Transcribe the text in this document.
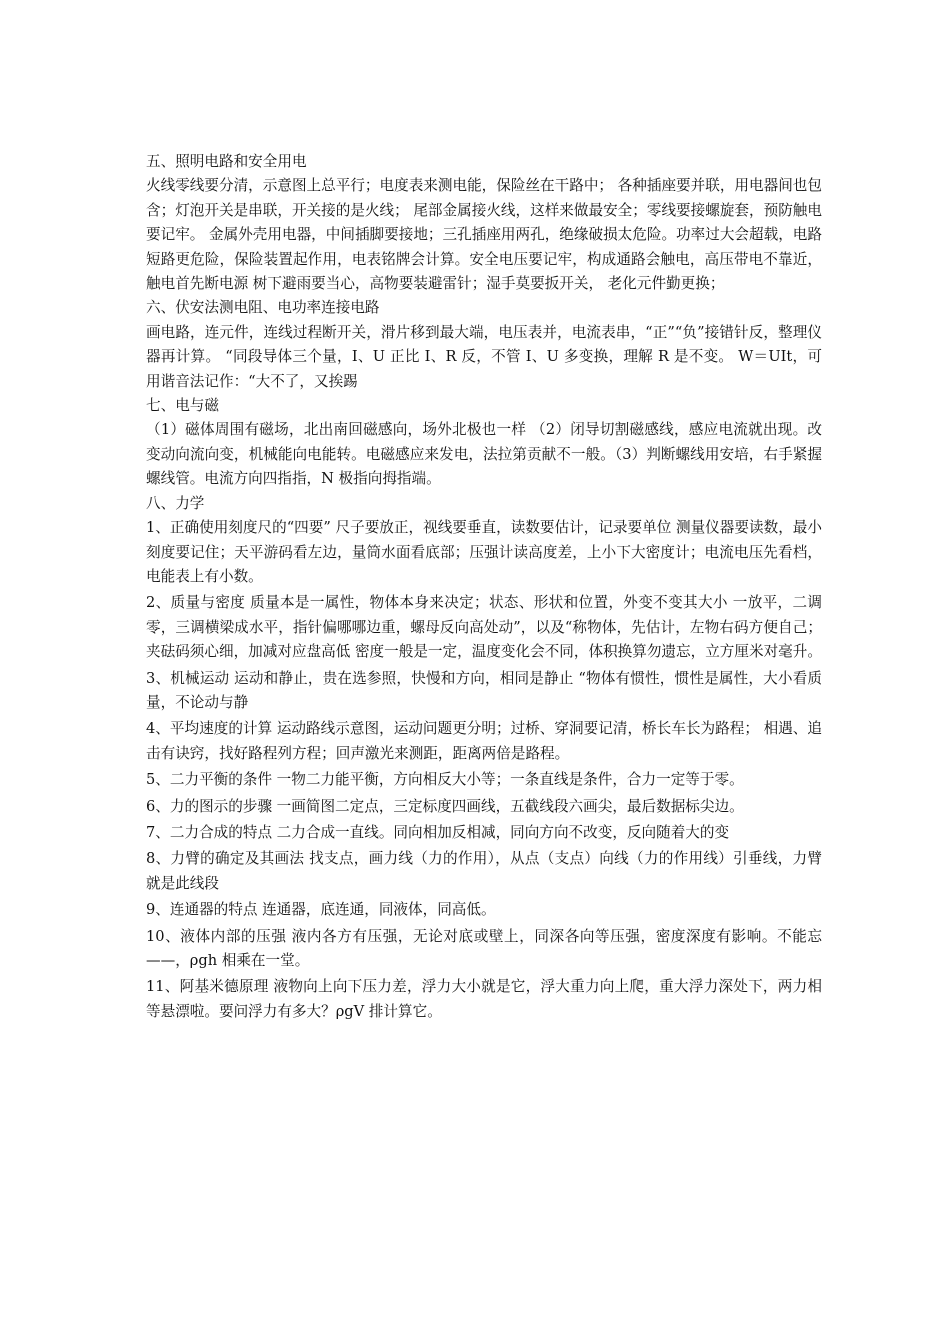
五、照明电路和安全用电

火线零线要分清，示意图上总平行；电度表来测电能，保险丝在干路中； 各种插座要并联，用电器间也包含；灯泡开关是串联，开关接的是火线； 尾部金属接火线，这样来做最安全；零线要接螺旋套，预防触电要记牢。 金属外壳用电器，中间插脚要接地；三孔插座用两孔，绝缘破损太危险。功率过大会超载，电路短路更危险，保险装置起作用，电表铭牌会计算。安全电压要记牢，构成通路会触电，高压带电不靠近，触电首先断电源 树下避雨要当心，高物要装避雷针；湿手莫要扳开关， 老化元件勤更换；

六、伏安法测电阻、电功率连接电路

画电路，连元件，连线过程断开关，滑片移到最大端，电压表并，电流表串，“正”“负”接错针反，整理仪器再计算。 “同段导体三个量，I、U 正比 I、R 反，不管 I、U 多变换，理解 R 是不变。 W＝UIt，可用谐音法记作：“大不了，又挨踢

七、电与磁

（1）磁体周围有磁场，北出南回磁感向，场外北极也一样 （2）闭导切割磁感线，感应电流就出现。改变动向流向变，机械能向电能转。电磁感应来发电，法拉第贡献不一般。（3）判断螺线用安培，右手紧握螺线管。电流方向四指指，N 极指向拇指端。

八、力学

1、正确使用刻度尺的“四要” 尺子要放正，视线要垂直，读数要估计，记录要单位 测量仪器要读数，最小刻度要记住；天平游码看左边，量筒水面看底部；压强计读高度差，上小下大密度计；电流电压先看档，电能表上有小数。

2、质量与密度 质量本是一属性，物体本身来决定；状态、形状和位置，外变不变其大小 一放平，二调零，三调横梁成水平，指针偏哪哪边重，螺母反向高处动”，以及“称物体，先估计，左物右码方便自己；夹砝码须心细，加减对应盘高低 密度一般是一定，温度变化会不同，体积换算勿遗忘，立方厘米对毫升。

3、机械运动 运动和静止，贵在选参照，快慢和方向，相同是静止 “物体有惯性，惯性是属性，大小看质量，不论动与静

4、平均速度的计算 运动路线示意图，运动问题更分明；过桥、穿洞要记清，桥长车长为路程； 相遇、追击有诀窍，找好路程列方程；回声激光来测距，距离两倍是路程。

5、二力平衡的条件 一物二力能平衡，方向相反大小等；一条直线是条件，合力一定等于零。

6、力的图示的步骤 一画简图二定点，三定标度四画线，五截线段六画尖，最后数据标尖边。

7、二力合成的特点 二力合成一直线。同向相加反相减，同向方向不改变，反向随着大的变

8、力臂的确定及其画法 找支点，画力线（力的作用），从点（支点）向线（力的作用线）引垂线，力臂就是此线段

9、连通器的特点 连通器，底连通，同液体，同高低。

10、液体内部的压强 液内各方有压强，无论对底或壁上，同深各向等压强，密度深度有影响。不能忘——，ρgh 相乘在一堂。

11、阿基米德原理 液物向上向下压力差，浮力大小就是它，浮大重力向上爬，重大浮力深处下，两力相等悬漂啦。要问浮力有多大？ρgV 排计算它。
